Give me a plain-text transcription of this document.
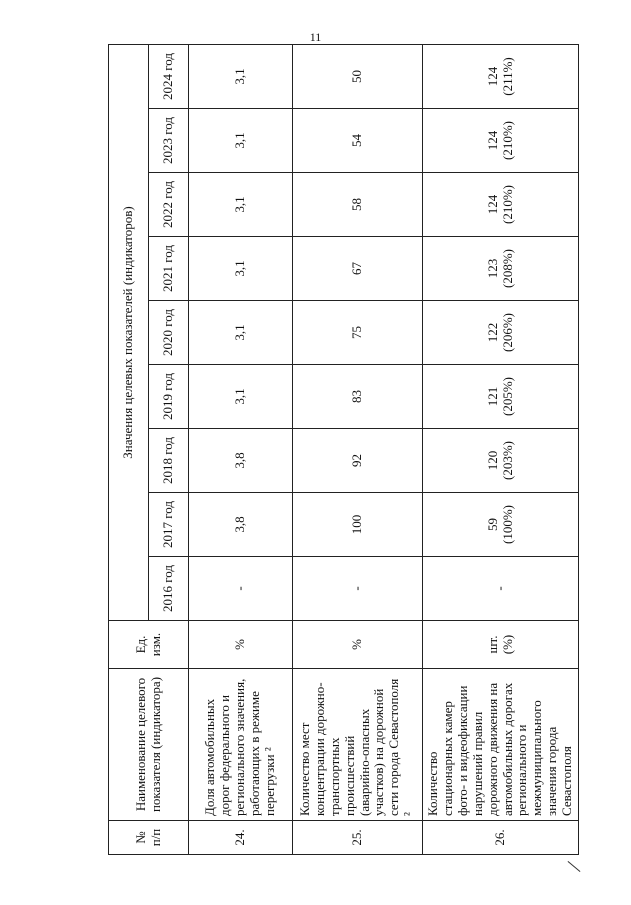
11
№ п/п	Наименование целевого показателя (индикатора)	Ед. изм.	Значения целевых показателей (индикаторов)								
			2016 год	2017 год	2018 год	2019 год	2020 год	2021 год	2022 год	2023 год	2024 год
24.	Доля автомобильных дорог федерального и регионального значения, работающих в режиме перегрузки ²	%	-	3,8	3,8	3,1	3,1	3,1	3,1	3,1	3,1
25.	Количество мест концентрации дорожно-транспортных происшествий (аварийно-опасных участков) на дорожной сети города Севастополя ²	%	-	100	92	83	75	67	58	54	50
26.	Количество стационарных камер фото- и видеофиксации нарушений правил дорожного движения на автомобильных дорогах регионального и межмуниципального значения города Севастополя	шт. (%)	-	59 (100%)	120 (203%)	121 (205%)	122 (206%)	123 (208%)	124 (210%)	124 (210%)	124 (211%)
